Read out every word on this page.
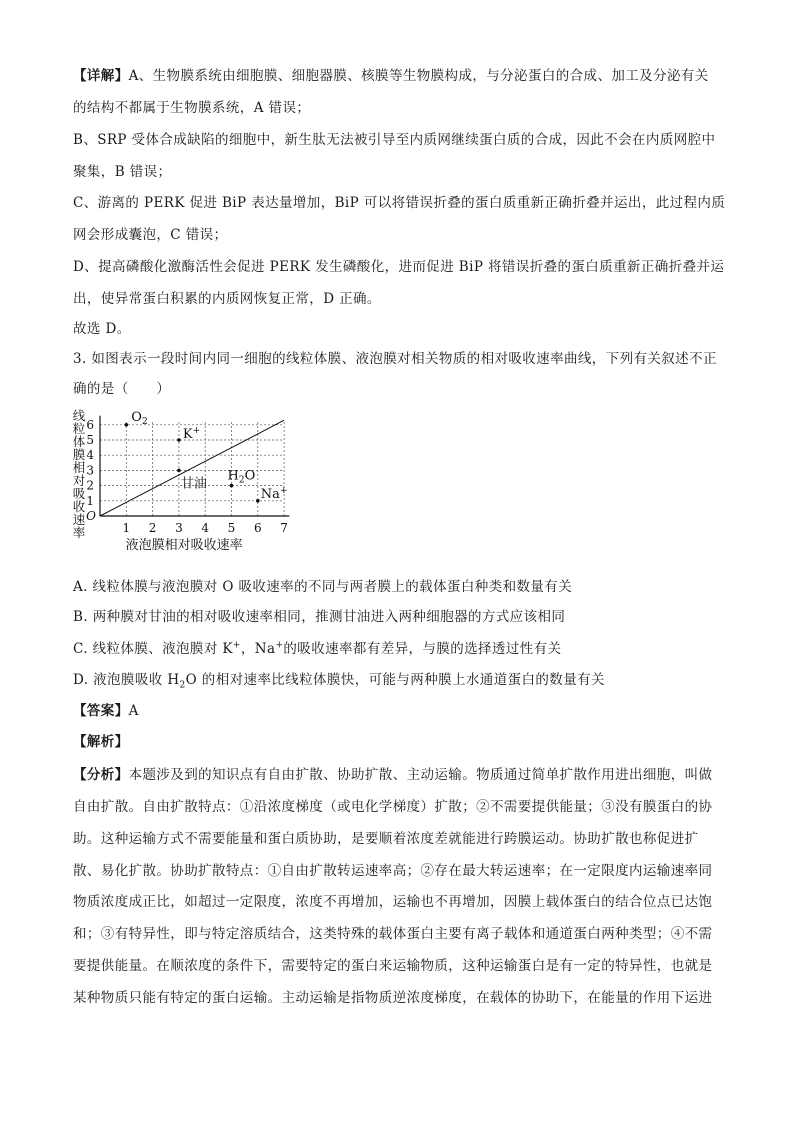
【详解】A、生物膜系统由细胞膜、细胞器膜、核膜等生物膜构成，与分泌蛋白的合成、加工及分泌有关
的结构不都属于生物膜系统，A 错误；
B、SRP 受体合成缺陷的细胞中，新生肽无法被引导至内质网继续蛋白质的合成，因此不会在内质网腔中
聚集，B 错误；
C、游离的 PERK 促进 BiP 表达量增加，BiP 可以将错误折叠的蛋白质重新正确折叠并运出，此过程内质
网会形成囊泡，C 错误；
D、提高磷酸化激酶活性会促进 PERK 发生磷酸化，进而促进 BiP 将错误折叠的蛋白质重新正确折叠并运
出，使异常蛋白积累的内质网恢复正常，D 正确。
故选 D。
3. 如图表示一段时间内同一细胞的线粒体膜、液泡膜对相关物质的相对吸收速率曲线，下列有关叙述不正
确的是（　　）
1 2 3 4 5 6 7
1
2
3
4
5
6
O
液泡膜相对吸收速率
线
粒
体
膜
相
对
吸
收
速
率
$O_2$
K+
甘油
$H_2O$
Na+
A. 线粒体膜与液泡膜对 O 吸收速率的不同与两者膜上的载体蛋白种类和数量有关
B. 两种膜对甘油的相对吸收速率相同，推测甘油进入两种细胞器的方式应该相同
C. 线粒体膜、液泡膜对 K+，Na+的吸收速率都有差异，与膜的选择透过性有关
D. 液泡膜吸收 $H_2O$ 的相对速率比线粒体膜快，可能与两种膜上水通道蛋白的数量有关
【答案】A
【解析】
【分析】本题涉及到的知识点有自由扩散、协助扩散、主动运输。物质通过简单扩散作用进出细胞，叫做
自由扩散。自由扩散特点：①沿浓度梯度（或电化学梯度）扩散；②不需要提供能量；③没有膜蛋白的协
助。这种运输方式不需要能量和蛋白质协助，是要顺着浓度差就能进行跨膜运动。协助扩散也称促进扩
散、易化扩散。协助扩散特点：①自由扩散转运速率高；②存在最大转运速率；在一定限度内运输速率同
物质浓度成正比，如超过一定限度，浓度不再增加，运输也不再增加，因膜上载体蛋白的结合位点已达饱
和；③有特异性，即与特定溶质结合，这类特殊的载体蛋白主要有离子载体和通道蛋白两种类型；④不需
要提供能量。在顺浓度的条件下，需要特定的蛋白来运输物质，这种运输蛋白是有一定的特异性，也就是
某种物质只能有特定的蛋白运输。主动运输是指物质逆浓度梯度，在载体的协助下，在能量的作用下运进
